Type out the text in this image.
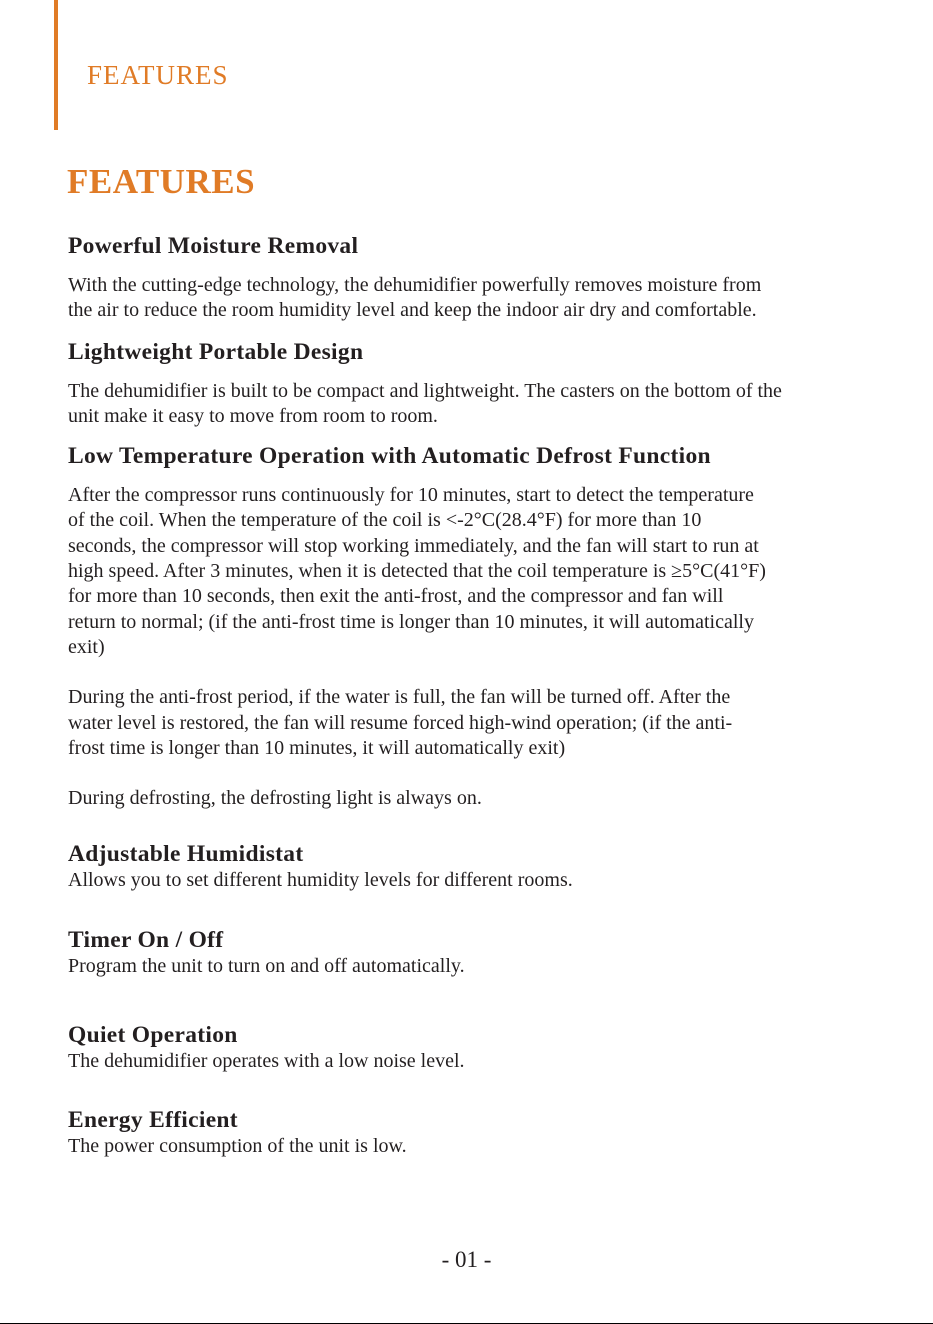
FEATURES
FEATURES
Powerful Moisture Removal

With the cutting-edge technology, the dehumidifier powerfully removes moisture from
the air to reduce the room humidity level and keep the indoor air dry and comfortable.

Lightweight Portable Design

The dehumidifier is built to be compact and lightweight. The casters on the bottom of the
unit make it easy to move from room to room.

Low Temperature Operation with Automatic Defrost Function

After the compressor runs continuously for 10 minutes, start to detect the temperature
of the coil. When the temperature of the coil is <-2°C(28.4°F) for more than 10
seconds, the compressor will stop working immediately, and the fan will start to run at
high speed. After 3 minutes, when it is detected that the coil temperature is ≥5°C(41°F)
for more than 10 seconds, then exit the anti-frost, and the compressor and fan will
return to normal; (if the anti-frost time is longer than 10 minutes, it will automatically
exit)

During the anti-frost period, if the water is full, the fan will be turned off. After the
water level is restored, the fan will resume forced high-wind operation; (if the anti-
frost time is longer than 10 minutes, it will automatically exit)

During defrosting, the defrosting light is always on.

Adjustable Humidistat

Allows you to set different humidity levels for different rooms.

Timer On / Off

Program the unit to turn on and off automatically.

Quiet Operation

The dehumidifier operates with a low noise level.

Energy Efficient

The power consumption of the unit is low.

- 01 -
